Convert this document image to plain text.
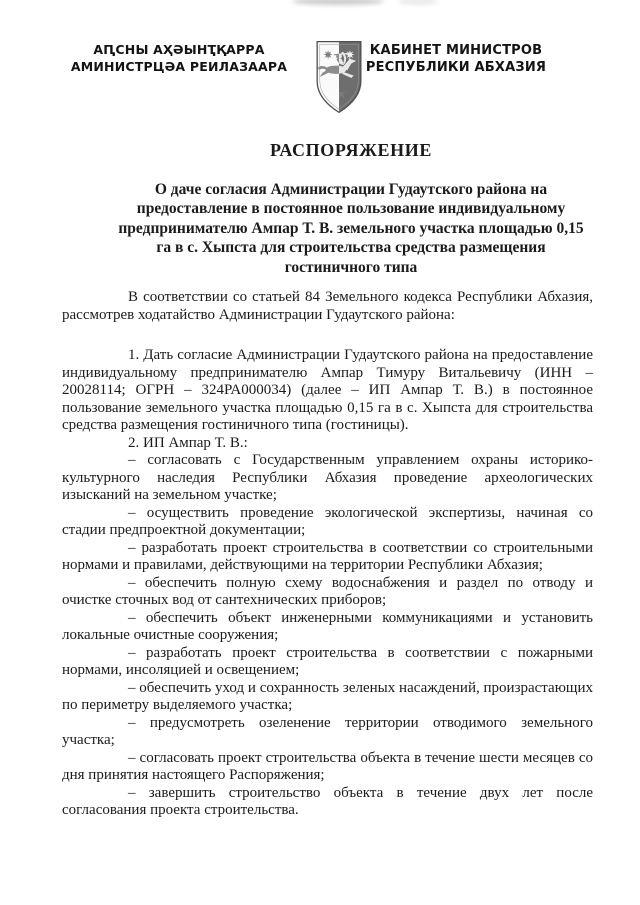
АԤСНЫ АҲӘЫНҬҚАРРА
АМИНИСТРЦӘА РЕИЛАЗААРА
КАБИНЕТ МИНИСТРОВ
РЕСПУБЛИКИ АБХАЗИЯ
РАСПОРЯЖЕНИЕ
О даче согласия Администрации Гудаутского района на предоставление в постоянное пользование индивидуальному предпринимателю Ампар Т. В. земельного участка площадью 0,15 га в с. Хыпста для строительства средства размещения гостиничного типа

В соответствии со статьей 84 Земельного кодекса Республики Абхазия, рассмотрев ходатайство Администрации Гудаутского района:

1. Дать согласие Администрации Гудаутского района на предоставление индивидуальному предпринимателю Ампар Тимуру Витальевичу (ИНН – 20028114; ОГРН – 324РА000034) (далее – ИП Ампар Т. В.) в постоянное пользование земельного участка площадью 0,15 га в с. Хыпста для строительства средства размещения гостиничного типа (гостиницы).

2. ИП Ампар Т. В.:

– согласовать с Государственным управлением охраны историко-культурного наследия Республики Абхазия проведение археологических изысканий на земельном участке;

– осуществить проведение экологической экспертизы, начиная со стадии предпроектной документации;

– разработать проект строительства в соответствии со строительными нормами и правилами, действующими на территории Республики Абхазия;

– обеспечить полную схему водоснабжения и раздел по отводу и очистке сточных вод от сантехнических приборов;

– обеспечить объект инженерными коммуникациями и установить локальные очистные сооружения;

– разработать проект строительства в соответствии с пожарными нормами, инсоляцией и освещением;

– обеспечить уход и сохранность зеленых насаждений, произрастающих по периметру выделяемого участка;

– предусмотреть озеленение территории отводимого земельного участка;

– согласовать проект строительства объекта в течение шести месяцев со дня принятия настоящего Распоряжения;

– завершить строительство объекта в течение двух лет после согласования проекта строительства.
